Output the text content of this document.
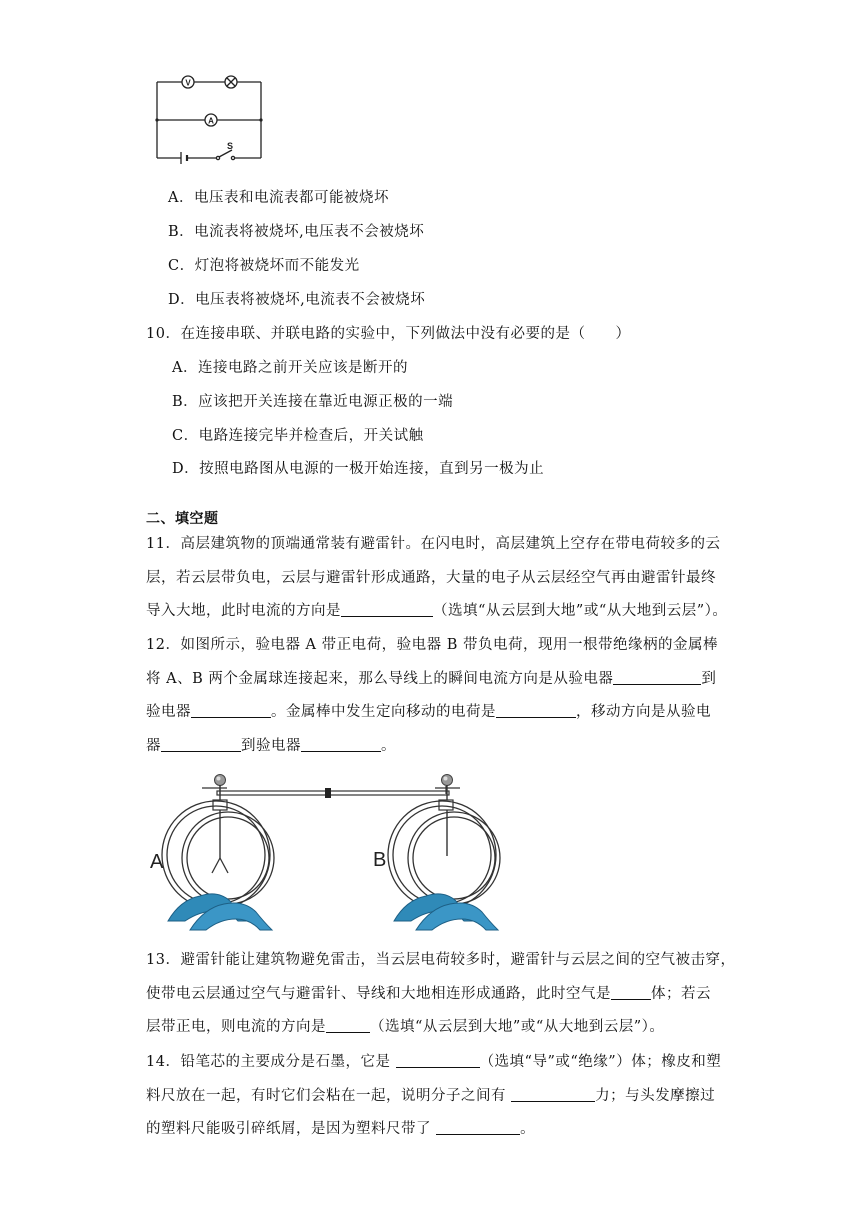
V
A
S
A．电压表和电流表都可能被烧坏
B．电流表将被烧坏,电压表不会被烧坏
C．灯泡将被烧坏而不能发光
D．电压表将被烧坏,电流表不会被烧坏
10．在连接串联、并联电路的实验中，下列做法中没有必要的是（　　）
A．连接电路之前开关应该是断开的
B．应该把开关连接在靠近电源正极的一端
C．电路连接完毕并检查后，开关试触
D．按照电路图从电源的一极开始连接，直到另一极为止
二、填空题
11．高层建筑物的顶端通常装有避雷针。在闪电时，高层建筑上空存在带电荷较多的云
层，若云层带负电，云层与避雷针形成通路，大量的电子从云层经空气再由避雷针最终
导入大地，此时电流的方向是	（选填“从云层到大地”或“从大地到云层”）。
12．如图所示，验电器 A 带正电荷，验电器 B 带负电荷，现用一根带绝缘柄的金属棒
将 A、B 两个金属球连接起来，那么导线上的瞬间电流方向是从验电器	到
验电器	。金属棒中发生定向移动的电荷是	，移动方向是从验电
器	到验电器	。
A	B
13．避雷针能让建筑物避免雷击，当云层电荷较多时，避雷针与云层之间的空气被击穿，
使带电云层通过空气与避雷针、导线和大地相连形成通路，此时空气是	体；若云
层带正电，则电流的方向是	（选填“从云层到大地”或“从大地到云层”）。
14．铅笔芯的主要成分是石墨，它是	（选填“导”或“绝缘”）体；橡皮和塑
料尺放在一起，有时它们会粘在一起，说明分子之间有	力；与头发摩擦过
的塑料尺能吸引碎纸屑，是因为塑料尺带了	。
